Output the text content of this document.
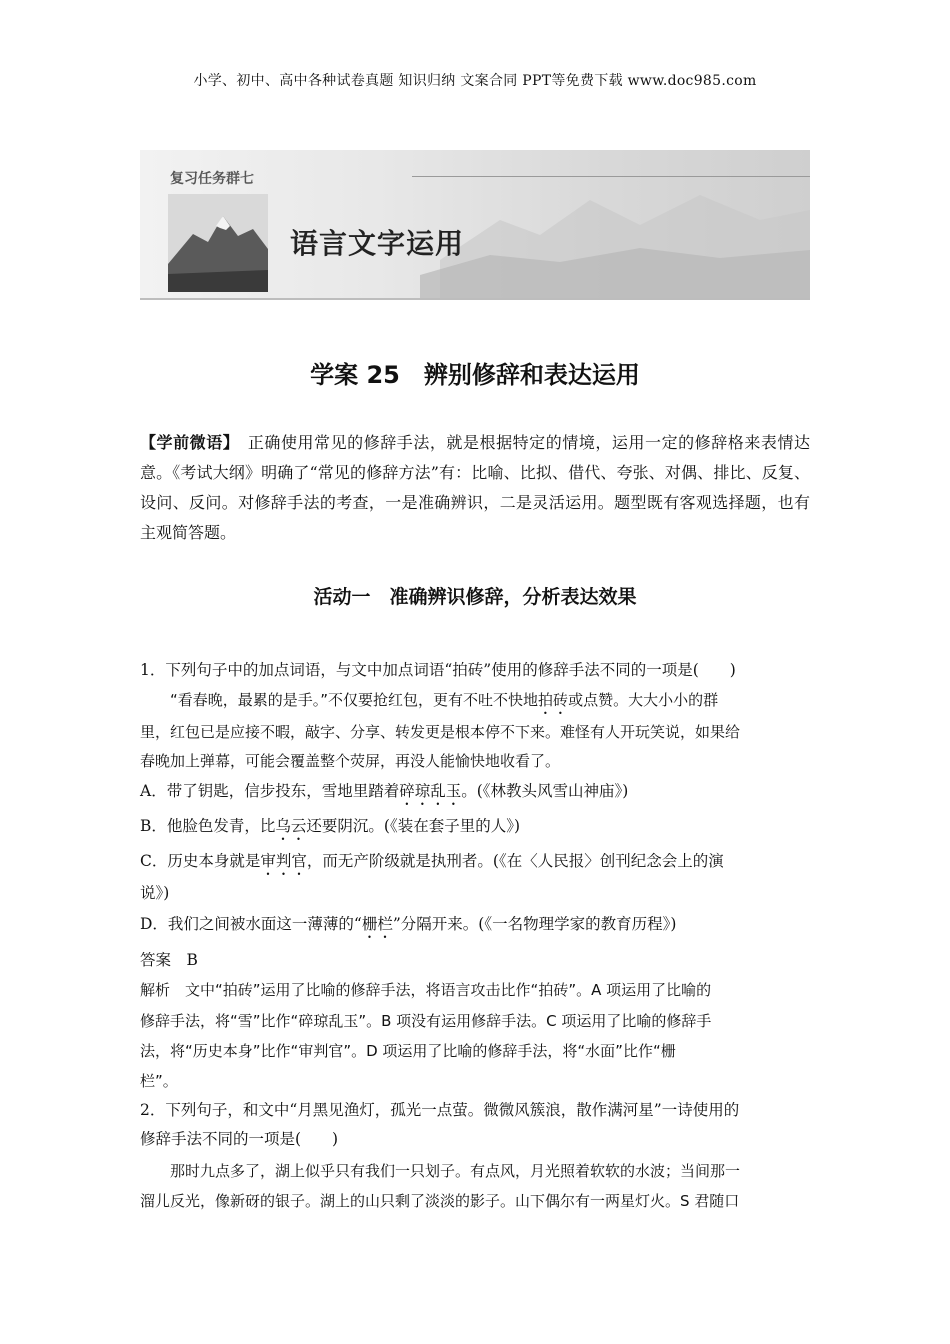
小学、初中、高中各种试卷真题 知识归纳 文案合同 PPT等免费下载 www.doc985.com
复习任务群七
语言文字运用
学案 25　辨别修辞和表达运用
【学前微语】　正确使用常见的修辞手法，就是根据特定的情境，运用一定的修辞格来表情达意。《考试大纲》明确了“常见的修辞方法”有：比喻、比拟、借代、夸张、对偶、排比、反复、设问、反问。对修辞手法的考查，一是准确辨识，二是灵活运用。题型既有客观选择题，也有主观简答题。
活动一　准确辨识修辞，分析表达效果
1．下列句子中的加点词语，与文中加点词语“拍砖”使用的修辞手法不同的一项是(　　)
“看春晚，最累的是手。”不仅要抢红包，更有不吐不快地拍砖或点赞。大大小小的群
里，红包已是应接不暇，敲字、分享、转发更是根本停不下来。难怪有人开玩笑说，如果给
春晚加上弹幕，可能会覆盖整个荧屏，再没人能愉快地收看了。
A．带了钥匙，信步投东，雪地里踏着碎琼乱玉。(《林教头风雪山神庙》)
B．他脸色发青，比乌云还要阴沉。(《装在套子里的人》)
C．历史本身就是审判官，而无产阶级就是执刑者。(《在〈人民报〉创刊纪念会上的演
说》)
D．我们之间被水面这一薄薄的“栅栏”分隔开来。(《一名物理学家的教育历程》)
答案　B
解析　文中“拍砖”运用了比喻的修辞手法，将语言攻击比作“拍砖”。A 项运用了比喻的
修辞手法，将“雪”比作“碎琼乱玉”。B 项没有运用修辞手法。C 项运用了比喻的修辞手
法，将“历史本身”比作“审判官”。D 项运用了比喻的修辞手法，将“水面”比作“栅
栏”。
2．下列句子，和文中“月黑见渔灯，孤光一点萤。微微风簇浪，散作满河星”一诗使用的
修辞手法不同的一项是(　　)
那时九点多了，湖上似乎只有我们一只划子。有点风，月光照着软软的水波；当间那一
溜儿反光，像新砑的银子。湖上的山只剩了淡淡的影子。山下偶尔有一两星灯火。S 君随口
